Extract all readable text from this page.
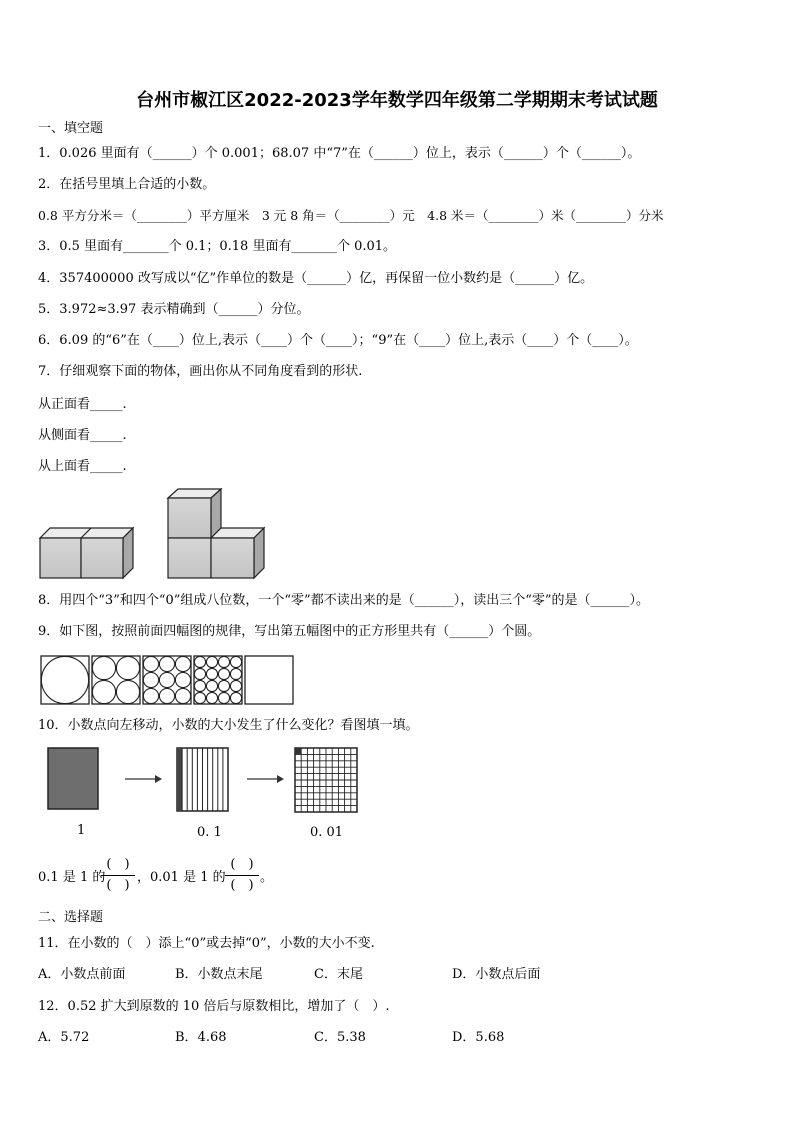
台州市椒江区2022-2023学年数学四年级第二学期期末考试试题
一、填空题
1．0.026 里面有（______）个 0.001；68.07 中“7”在（______）位上，表示（______）个（______）。
2．在括号里填上合适的小数。
0.8 平方分米＝（________）平方厘米　3 元 8 角＝（________）元　4.8 米＝（________）米（________）分米
3．0.5 里面有_______个 0.1；0.18 里面有_______个 0.01。
4．357400000 改写成以“亿”作单位的数是（______）亿，再保留一位小数约是（______）亿。
5．3.972≈3.97 表示精确到（______）分位。
6．6.09 的“6”在（____）位上,表示（____）个（____）；“9”在（____）位上,表示（____）个（____）。
7．仔细观察下面的物体，画出你从不同角度看到的形状.
从正面看_____.
从侧面看_____.
从上面看_____.
8．用四个“3”和四个“0”组成八位数，一个“零”都不读出来的是（______），读出三个“零”的是（______）。
9．如下图，按照前面四幅图的规律，写出第五幅图中的正方形里共有（______）个圆。
10．小数点向左移动，小数的大小发生了什么变化？看图填一填。
1	0. 1	0. 01
0.1 是 1 的
(　)
(　)
，0.01 是 1 的
(　)
(　)
。
二、选择题
11．在小数的（　）添上“0”或去掉“0”，小数的大小不变.
A．小数点前面	B．小数点末尾	C．末尾	D．小数点后面
12．0.52 扩大到原数的 10 倍后与原数相比，增加了（　）.
A．5.72	B．4.68	C．5.38	D．5.68
